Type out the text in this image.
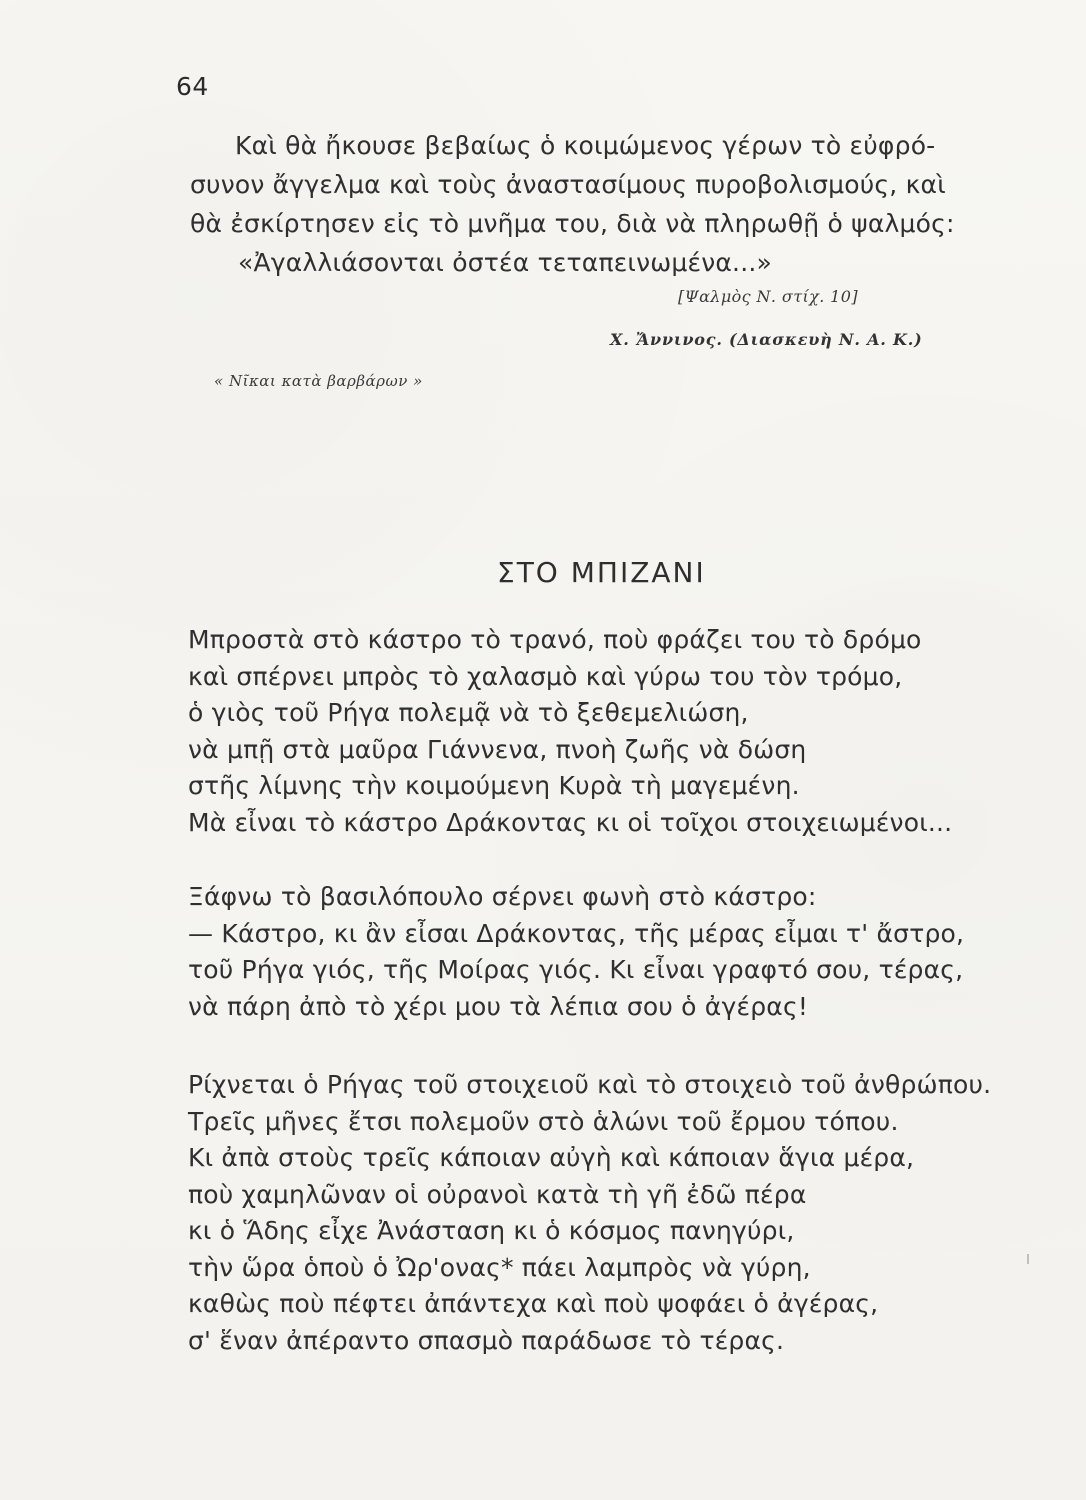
64
Καὶ θὰ ἤκουσε βεβαίως ὁ κοιμώμενος γέρων τὸ εὐφρό-
συνον ἄγγελμα καὶ τοὺς ἀναστασίμους πυροβολισμούς, καὶ
θὰ ἐσκίρτησεν εἰς τὸ μνῆμα του, διὰ νὰ πληρωθῇ ὁ ψαλμός:
«Ἀγαλλιάσονται ὀστέα τεταπεινωμένα...»
[Ψαλμὸς Ν. στίχ. 10]
Χ. Ἄννινος. (Διασκευὴ Ν. Α. Κ.)
« Νῖκαι κατὰ βαρβάρων »
ΣΤΟ ΜΠΙΖΑΝΙ
Μπροστὰ στὸ κάστρο τὸ τρανό, ποὺ φράζει του τὸ δρόμο
καὶ σπέρνει μπρὸς τὸ χαλασμὸ καὶ γύρω του τὸν τρόμο,
ὁ γιὸς τοῦ Ρήγα πολεμᾷ νὰ τὸ ξεθεμελιώση,
νὰ μπῇ στὰ μαῦρα Γιάννενα, πνοὴ ζωῆς νὰ δώση
στῆς λίμνης τὴν κοιμούμενη Κυρὰ τὴ μαγεμένη.
Μὰ εἶναι τὸ κάστρο Δράκοντας κι οἱ τοῖχοι στοιχειωμένοι...
Ξάφνω τὸ βασιλόπουλο σέρνει φωνὴ στὸ κάστρο:
— Κάστρο, κι ἂν εἶσαι Δράκοντας, τῆς μέρας εἶμαι τ' ἄστρο,
τοῦ Ρήγα γιός, τῆς Μοίρας γιός. Κι εἶναι γραφτό σου, τέρας,
νὰ πάρη ἀπὸ τὸ χέρι μου τὰ λέπια σου ὁ ἀγέρας!
Ρίχνεται ὁ Ρήγας τοῦ στοιχειοῦ καὶ τὸ στοιχειὸ τοῦ ἀνθρώπου.
Τρεῖς μῆνες ἔτσι πολεμοῦν στὸ ἁλώνι τοῦ ἔρμου τόπου.
Κι ἀπὰ στοὺς τρεῖς κάποιαν αὐγὴ καὶ κάποιαν ἅγια μέρα,
ποὺ χαμηλῶναν οἱ οὐρανοὶ κατὰ τὴ γῆ ἐδῶ πέρα
κι ὁ Ἅδης εἶχε Ἀνάσταση κι ὁ κόσμος πανηγύρι,
τὴν ὥρα ὁποὺ ὁ Ὠρ'ονας* πάει λαμπρὸς νὰ γύρη,
καθὼς ποὺ πέφτει ἀπάντεχα καὶ ποὺ ψοφάει ὁ ἀγέρας,
σ' ἕναν ἀπέραντο σπασμὸ παράδωσε τὸ τέρας.
